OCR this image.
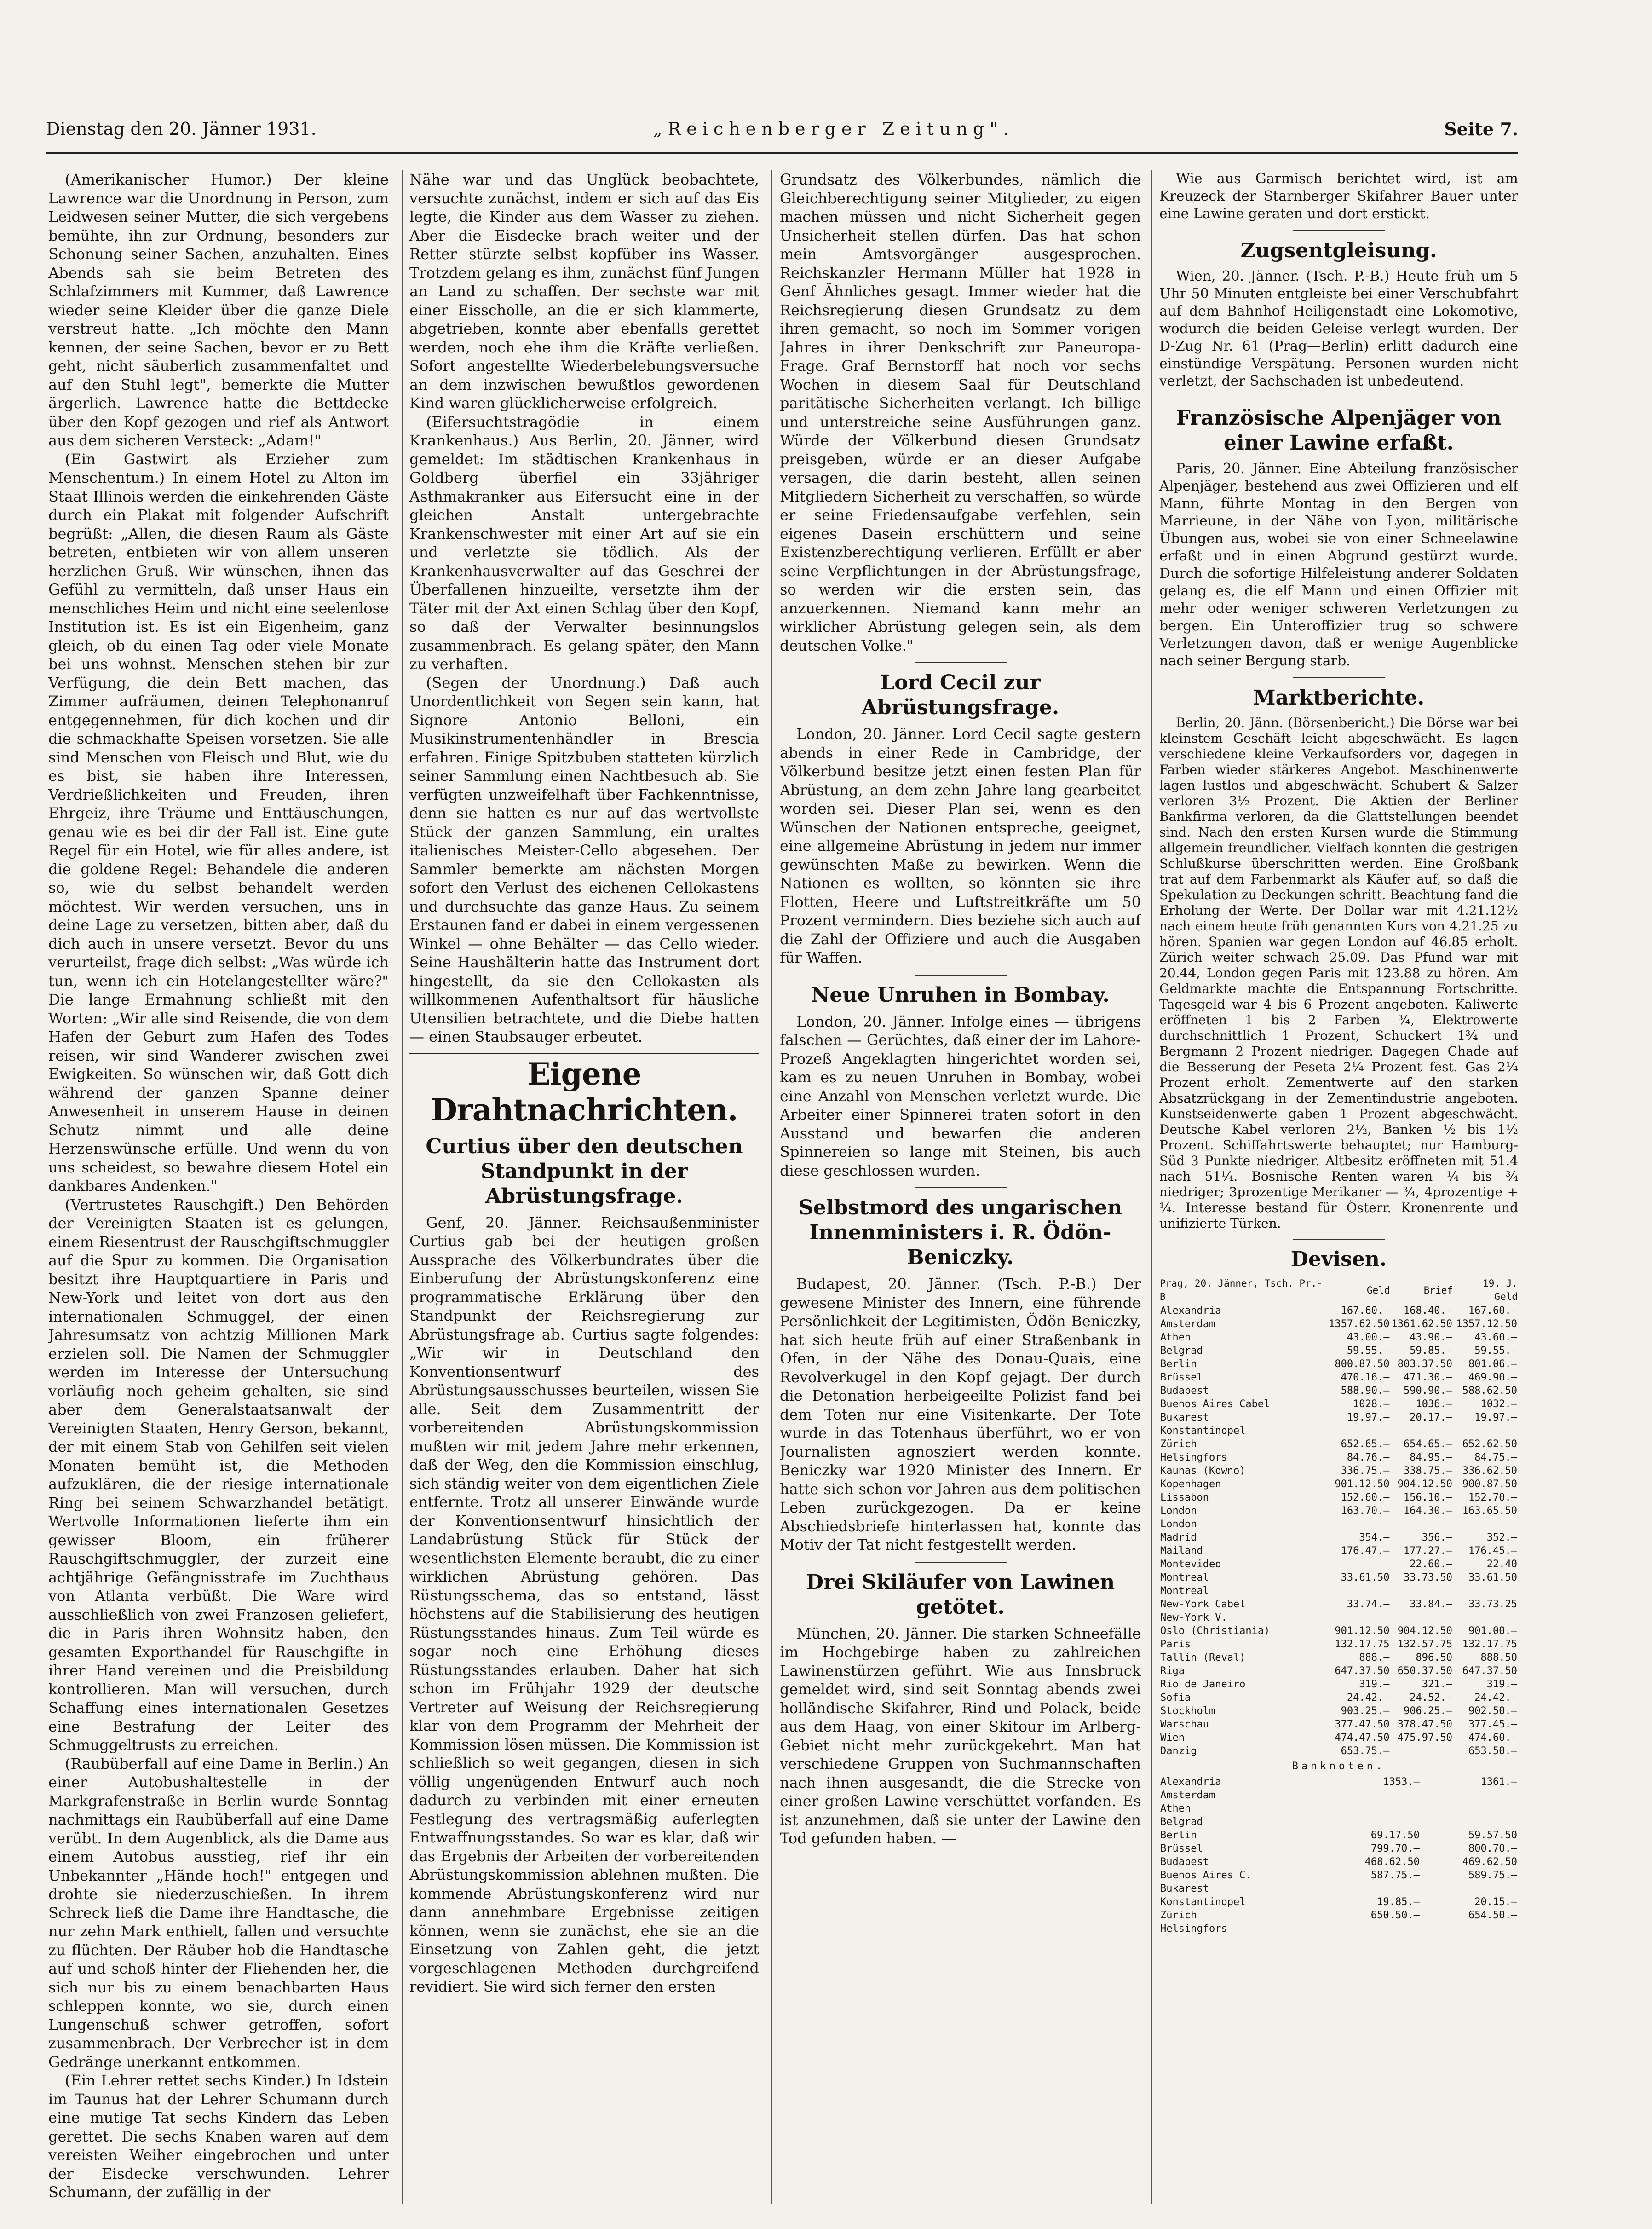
Dienstag den 20. Jänner 1931.	„Reichenberger Zeitung".	Seite 7.

(Amerikanischer Humor.) Der kleine Lawrence war die Unordnung in Person, zum Leidwesen seiner Mutter, die sich vergebens bemühte, ihn zur Ordnung, besonders zur Schonung seiner Sachen, anzuhalten. Eines Abends sah sie beim Betreten des Schlafzimmers mit Kummer, daß Lawrence wieder seine Kleider über die ganze Diele verstreut hatte. „Ich möchte den Mann kennen, der seine Sachen, bevor er zu Bett geht, nicht säuberlich zusammenfaltet und auf den Stuhl legt", bemerkte die Mutter ärgerlich. Lawrence hatte die Bettdecke über den Kopf gezogen und rief als Antwort aus dem sicheren Versteck: „Adam!"

(Ein Gastwirt als Erzieher zum Menschentum.) In einem Hotel zu Alton im Staat Illinois werden die einkehrenden Gäste durch ein Plakat mit folgender Aufschrift begrüßt: „Allen, die diesen Raum als Gäste betreten, entbieten wir von allem unseren herzlichen Gruß. Wir wünschen, ihnen das Gefühl zu vermitteln, daß unser Haus ein menschliches Heim und nicht eine seelenlose Institution ist. Es ist ein Eigenheim, ganz gleich, ob du einen Tag oder viele Monate bei uns wohnst. Menschen stehen bir zur Verfügung, die dein Bett machen, das Zimmer aufräumen, deinen Telephonanruf entgegennehmen, für dich kochen und dir die schmackhafte Speisen vorsetzen. Sie alle sind Menschen von Fleisch und Blut, wie du es bist, sie haben ihre Interessen, Verdrießlichkeiten und Freuden, ihren Ehrgeiz, ihre Träume und Enttäuschungen, genau wie es bei dir der Fall ist. Eine gute Regel für ein Hotel, wie für alles andere, ist die goldene Regel: Behandele die anderen so, wie du selbst behandelt werden möchtest. Wir werden versuchen, uns in deine Lage zu versetzen, bitten aber, daß du dich auch in unsere versetzt. Bevor du uns verurteilst, frage dich selbst: „Was würde ich tun, wenn ich ein Hotelangestellter wäre?" Die lange Ermahnung schließt mit den Worten: „Wir alle sind Reisende, die von dem Hafen der Geburt zum Hafen des Todes reisen, wir sind Wanderer zwischen zwei Ewigkeiten. So wünschen wir, daß Gott dich während der ganzen Spanne deiner Anwesenheit in unserem Hause in deinen Schutz nimmt und alle deine Herzenswünsche erfülle. Und wenn du von uns scheidest, so bewahre diesem Hotel ein dankbares Andenken."

(Vertrustetes Rauschgift.) Den Behörden der Vereinigten Staaten ist es gelungen, einem Riesentrust der Rauschgiftschmuggler auf die Spur zu kommen. Die Organisation besitzt ihre Hauptquartiere in Paris und New-York und leitet von dort aus den internationalen Schmuggel, der einen Jahresumsatz von achtzig Millionen Mark erzielen soll. Die Namen der Schmuggler werden im Interesse der Untersuchung vorläufig noch geheim gehalten, sie sind aber dem Generalstaatsanwalt der Vereinigten Staaten, Henry Gerson, bekannt, der mit einem Stab von Gehilfen seit vielen Monaten bemüht ist, die Methoden aufzuklären, die der riesige internationale Ring bei seinem Schwarzhandel betätigt. Wertvolle Informationen lieferte ihm ein gewisser Bloom, ein früherer Rauschgiftschmuggler, der zurzeit eine achtjährige Gefängnisstrafe im Zuchthaus von Atlanta verbüßt. Die Ware wird ausschließlich von zwei Franzosen geliefert, die in Paris ihren Wohnsitz haben, den gesamten Exporthandel für Rauschgifte in ihrer Hand vereinen und die Preisbildung kontrollieren. Man will versuchen, durch Schaffung eines internationalen Gesetzes eine Bestrafung der Leiter des Schmuggeltrusts zu erreichen.

(Raubüberfall auf eine Dame in Berlin.) An einer Autobushaltestelle in der Markgrafenstraße in Berlin wurde Sonntag nachmittags ein Raubüberfall auf eine Dame verübt. In dem Augenblick, als die Dame aus einem Autobus ausstieg, rief ihr ein Unbekannter „Hände hoch!" entgegen und drohte sie niederzuschießen. In ihrem Schreck ließ die Dame ihre Handtasche, die nur zehn Mark enthielt, fallen und versuchte zu flüchten. Der Räuber hob die Handtasche auf und schoß hinter der Fliehenden her, die sich nur bis zu einem benachbarten Haus schleppen konnte, wo sie, durch einen Lungenschuß schwer getroffen, sofort zusammenbrach. Der Verbrecher ist in dem Gedränge unerkannt entkommen.

(Ein Lehrer rettet sechs Kinder.) In Idstein im Taunus hat der Lehrer Schumann durch eine mutige Tat sechs Kindern das Leben gerettet. Die sechs Knaben waren auf dem vereisten Weiher eingebrochen und unter der Eisdecke verschwunden. Lehrer Schumann, der zufällig in der

Nähe war und das Unglück beobachtete, versuchte zunächst, indem er sich auf das Eis legte, die Kinder aus dem Wasser zu ziehen. Aber die Eisdecke brach weiter und der Retter stürzte selbst kopfüber ins Wasser. Trotzdem gelang es ihm, zunächst fünf Jungen an Land zu schaffen. Der sechste war mit einer Eisscholle, an die er sich klammerte, abgetrieben, konnte aber ebenfalls gerettet werden, noch ehe ihm die Kräfte verließen. Sofort angestellte Wiederbelebungsversuche an dem inzwischen bewußtlos gewordenen Kind waren glücklicherweise erfolgreich.

(Eifersuchtstragödie in einem Krankenhaus.) Aus Berlin, 20. Jänner, wird gemeldet: Im städtischen Krankenhaus in Goldberg überfiel ein 33jähriger Asthmakranker aus Eifersucht eine in der gleichen Anstalt untergebrachte Krankenschwester mit einer Art auf sie ein und verletzte sie tödlich. Als der Krankenhausverwalter auf das Geschrei der Überfallenen hinzueilte, versetzte ihm der Täter mit der Axt einen Schlag über den Kopf, so daß der Verwalter besinnungslos zusammenbrach. Es gelang später, den Mann zu verhaften.

(Segen der Unordnung.) Daß auch Unordentlichkeit von Segen sein kann, hat Signore Antonio Belloni, ein Musikinstrumentenhändler in Brescia erfahren. Einige Spitzbuben statteten kürzlich seiner Sammlung einen Nachtbesuch ab. Sie verfügten unzweifelhaft über Fachkenntnisse, denn sie hatten es nur auf das wertvollste Stück der ganzen Sammlung, ein uraltes italienisches Meister-Cello abgesehen. Der Sammler bemerkte am nächsten Morgen sofort den Verlust des eichenen Cellokastens und durchsuchte das ganze Haus. Zu seinem Erstaunen fand er dabei in einem vergessenen Winkel — ohne Behälter — das Cello wieder. Seine Haushälterin hatte das Instrument dort hingestellt, da sie den Cellokasten als willkommenen Aufenthaltsort für häusliche Utensilien betrachtete, und die Diebe hatten — einen Staubsauger erbeutet.

Eigene Drahtnachrichten.
Curtius über den deutschen Standpunkt in der Abrüstungsfrage.

Genf, 20. Jänner. Reichsaußenminister Curtius gab bei der heutigen großen Aussprache des Völkerbundrates über die Einberufung der Abrüstungskonferenz eine programmatische Erklärung über den Standpunkt der Reichsregierung zur Abrüstungsfrage ab. Curtius sagte folgendes: „Wir wir in Deutschland den Konventionsentwurf des Abrüstungsausschusses beurteilen, wissen Sie alle. Seit dem Zusammentritt der vorbereitenden Abrüstungskommission mußten wir mit jedem Jahre mehr erkennen, daß der Weg, den die Kommission einschlug, sich ständig weiter von dem eigentlichen Ziele entfernte. Trotz all unserer Einwände wurde der Konventionsentwurf hinsichtlich der Landabrüstung Stück für Stück der wesentlichsten Elemente beraubt, die zu einer wirklichen Abrüstung gehören. Das Rüstungsschema, das so entstand, lässt höchstens auf die Stabilisierung des heutigen Rüstungsstandes hinaus. Zum Teil würde es sogar noch eine Erhöhung dieses Rüstungsstandes erlauben. Daher hat sich schon im Frühjahr 1929 der deutsche Vertreter auf Weisung der Reichsregierung klar von dem Programm der Mehrheit der Kommission lösen müssen. Die Kommission ist schließlich so weit gegangen, diesen in sich völlig ungenügenden Entwurf auch noch dadurch zu verbinden mit einer erneuten Festlegung des vertragsmäßig auferlegten Entwaffnungsstandes. So war es klar, daß wir das Ergebnis der Arbeiten der vorbereitenden Abrüstungskommission ablehnen mußten. Die kommende Abrüstungskonferenz wird nur dann annehmbare Ergebnisse zeitigen können, wenn sie zunächst, ehe sie an die Einsetzung von Zahlen geht, die jetzt vorgeschlagenen Methoden durchgreifend revidiert. Sie wird sich ferner den ersten

Grundsatz des Völkerbundes, nämlich die Gleichberechtigung seiner Mitglieder, zu eigen machen müssen und nicht Sicherheit gegen Unsicherheit stellen dürfen. Das hat schon mein Amtsvorgänger ausgesprochen. Reichskanzler Hermann Müller hat 1928 in Genf Ähnliches gesagt. Immer wieder hat die Reichsregierung diesen Grundsatz zu dem ihren gemacht, so noch im Sommer vorigen Jahres in ihrer Denkschrift zur Paneuropa-Frage. Graf Bernstorff hat noch vor sechs Wochen in diesem Saal für Deutschland paritätische Sicherheiten verlangt. Ich billige und unterstreiche seine Ausführungen ganz. Würde der Völkerbund diesen Grundsatz preisgeben, würde er an dieser Aufgabe versagen, die darin besteht, allen seinen Mitgliedern Sicherheit zu verschaffen, so würde er seine Friedensaufgabe verfehlen, sein eigenes Dasein erschüttern und seine Existenzberechtigung verlieren. Erfüllt er aber seine Verpflichtungen in der Abrüstungsfrage, so werden wir die ersten sein, das anzuerkennen. Niemand kann mehr an wirklicher Abrüstung gelegen sein, als dem deutschen Volke."

Lord Cecil zur Abrüstungsfrage.

London, 20. Jänner. Lord Cecil sagte gestern abends in einer Rede in Cambridge, der Völkerbund besitze jetzt einen festen Plan für Abrüstung, an dem zehn Jahre lang gearbeitet worden sei. Dieser Plan sei, wenn es den Wünschen der Nationen entspreche, geeignet, eine allgemeine Abrüstung in jedem nur immer gewünschten Maße zu bewirken. Wenn die Nationen es wollten, so könnten sie ihre Flotten, Heere und Luftstreitkräfte um 50 Prozent vermindern. Dies beziehe sich auch auf die Zahl der Offiziere und auch die Ausgaben für Waffen.

Neue Unruhen in Bombay.

London, 20. Jänner. Infolge eines — übrigens falschen — Gerüchtes, daß einer der im Lahore-Prozeß Angeklagten hingerichtet worden sei, kam es zu neuen Unruhen in Bombay, wobei eine Anzahl von Menschen verletzt wurde. Die Arbeiter einer Spinnerei traten sofort in den Ausstand und bewarfen die anderen Spinnereien so lange mit Steinen, bis auch diese geschlossen wurden.

Selbstmord des ungarischen Innenministers i. R. Ödön-Beniczky.

Budapest, 20. Jänner. (Tsch. P.-B.) Der gewesene Minister des Innern, eine führende Persönlichkeit der Legitimisten, Ödön Beniczky, hat sich heute früh auf einer Straßenbank in Ofen, in der Nähe des Donau-Quais, eine Revolverkugel in den Kopf gejagt. Der durch die Detonation herbeigeeilte Polizist fand bei dem Toten nur eine Visitenkarte. Der Tote wurde in das Totenhaus überführt, wo er von Journalisten agnosziert werden konnte. Beniczky war 1920 Minister des Innern. Er hatte sich schon vor Jahren aus dem politischen Leben zurückgezogen. Da er keine Abschiedsbriefe hinterlassen hat, konnte das Motiv der Tat nicht festgestellt werden.

Drei Skiläufer von Lawinen getötet.

München, 20. Jänner. Die starken Schneefälle im Hochgebirge haben zu zahlreichen Lawinenstürzen geführt. Wie aus Innsbruck gemeldet wird, sind seit Sonntag abends zwei holländische Skifahrer, Rind und Polack, beide aus dem Haag, von einer Skitour im Arlberg-Gebiet nicht mehr zurückgekehrt. Man hat verschiedene Gruppen von Suchmannschaften nach ihnen ausgesandt, die die Strecke von einer großen Lawine verschüttet vorfanden. Es ist anzunehmen, daß sie unter der Lawine den Tod gefunden haben. —

Wie aus Garmisch berichtet wird, ist am Kreuzeck der Starnberger Skifahrer Bauer unter eine Lawine geraten und dort erstickt.

Zugsentgleisung.

Wien, 20. Jänner. (Tsch. P.-B.) Heute früh um 5 Uhr 50 Minuten entgleiste bei einer Verschubfahrt auf dem Bahnhof Heiligenstadt eine Lokomotive, wodurch die beiden Geleise verlegt wurden. Der D-Zug Nr. 61 (Prag—Berlin) erlitt dadurch eine einstündige Verspätung. Personen wurden nicht verletzt, der Sachschaden ist unbedeutend.

Französische Alpenjäger von einer Lawine erfaßt.

Paris, 20. Jänner. Eine Abteilung französischer Alpenjäger, bestehend aus zwei Offizieren und elf Mann, führte Montag in den Bergen von Marrieune, in der Nähe von Lyon, militärische Übungen aus, wobei sie von einer Schneelawine erfaßt und in einen Abgrund gestürzt wurde. Durch die sofortige Hilfeleistung anderer Soldaten gelang es, die elf Mann und einen Offizier mit mehr oder weniger schweren Verletzungen zu bergen. Ein Unteroffizier trug so schwere Verletzungen davon, daß er wenige Augenblicke nach seiner Bergung starb.

Marktberichte.

Berlin, 20. Jänn. (Börsenbericht.) Die Börse war bei kleinstem Geschäft leicht abgeschwächt. Es lagen verschiedene kleine Verkaufsorders vor, dagegen in Farben wieder stärkeres Angebot. Maschinenwerte lagen lustlos und abgeschwächt. Schubert & Salzer verloren 3½ Prozent. Die Aktien der Berliner Bankfirma verloren, da die Glattstellungen beendet sind. Nach den ersten Kursen wurde die Stimmung allgemein freundlicher. Vielfach konnten die gestrigen Schlußkurse überschritten werden. Eine Großbank trat auf dem Farbenmarkt als Käufer auf, so daß die Spekulation zu Deckungen schritt. Beachtung fand die Erholung der Werte. Der Dollar war mit 4.21.12½ nach einem heute früh genannten Kurs von 4.21.25 zu hören. Spanien war gegen London auf 46.85 erholt. Zürich weiter schwach 25.09. Das Pfund war mit 20.44, London gegen Paris mit 123.88 zu hören. Am Geldmarkte machte die Entspannung Fortschritte. Tagesgeld war 4 bis 6 Prozent angeboten. Kaliwerte eröffneten 1 bis 2 Farben ¾, Elektrowerte durchschnittlich 1 Prozent, Schuckert 1¾ und Bergmann 2 Prozent niedriger. Dagegen Chade auf die Besserung der Peseta 2¼ Prozent fest. Gas 2¼ Prozent erholt. Zementwerte auf den starken Absatzrückgang in der Zementindustrie angeboten. Kunstseidenwerte gaben 1 Prozent abgeschwächt. Deutsche Kabel verloren 2½, Banken ½ bis 1½ Prozent. Schiffahrtswerte behauptet; nur Hamburg-Süd 3 Punkte niedriger. Altbesitz eröffneten mit 51.4 nach 51¼. Bosnische Renten waren ¼ bis ¾ niedriger; 3prozentige Merikaner — ¾, 4prozentige + ¼. Interesse bestand für Österr. Kronenrente und unifizierte Türken.

Devisen.
Prag, 20. Jänner, Tsch. Pr.-B	Geld	Brief	19. J. Geld
Alexandria	167.60.—	168.40.—	167.60.—
Amsterdam	1357.62.50	1361.62.50	1357.12.50
Athen	43.00.—	43.90.—	43.60.—
Belgrad	59.55.—	59.85.—	59.55.—
Berlin	800.87.50	803.37.50	801.06.—
Brüssel	470.16.—	471.30.—	469.90.—
Budapest	588.90.—	590.90.—	588.62.50
Buenos Aires Cabel	1028.—	1036.—	1032.—
Bukarest	19.97.—	20.17.—	19.97.—
Konstantinopel			
Zürich	652.65.—	654.65.—	652.62.50
Helsingfors	84.76.—	84.95.—	84.75.—
Kaunas (Kowno)	336.75.—	338.75.—	336.62.50
Kopenhagen	901.12.50	904.12.50	900.87.50
Lissabon	152.60.—	156.10.—	152.70.—
London	163.70.—	164.30.—	163.65.50
London			
Madrid	354.—	356.—	352.—
Mailand	176.47.—	177.27.—	176.45.—
Montevideo		22.60.—	22.40
Montreal	33.61.50	33.73.50	33.61.50
Montreal			
New-York Cabel	33.74.—	33.84.—	33.73.25
New-York V.			
Oslo (Christiania)	901.12.50	904.12.50	901.00.—
Paris	132.17.75	132.57.75	132.17.75
Tallin (Reval)	888.—	896.50	888.50
Riga	647.37.50	650.37.50	647.37.50
Rio de Janeiro	319.—	321.—	319.—
Sofia	24.42.—	24.52.—	24.42.—
Stockholm	903.25.—	906.25.—	902.50.—
Warschau	377.47.50	378.47.50	377.45.—
Wien	474.47.50	475.97.50	474.60.—
Danzig	653.75.—		653.50.—
Banknoten.
Alexandria		1353.—	1361.—
Amsterdam			
Athen			
Belgrad			
Berlin		69.17.50	59.57.50
Brüssel		799.70.—	800.70.—
Budapest		468.62.50	469.62.50
Buenos Aires C.		587.75.—	589.75.—
Bukarest			
Konstantinopel		19.85.—	20.15.—
Zürich		650.50.—	654.50.—
Helsingfors			
